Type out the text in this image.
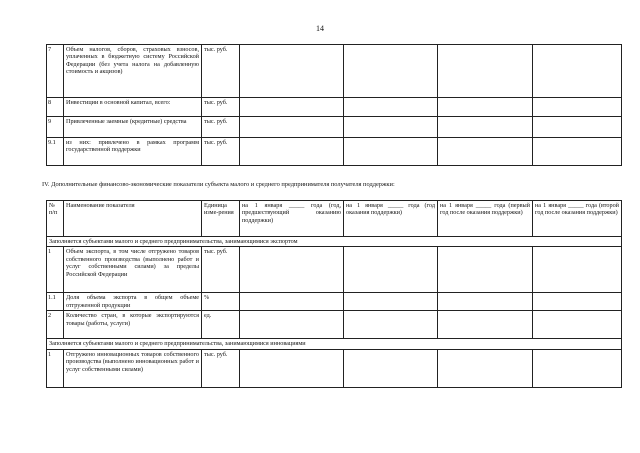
14
7	Объем налогов, сборов, страховых взносов, уплаченных в бюджетную систему Российской Федерации (без учета налога на добавленную стоимость и акцизов)	тыс. руб.				
8	Инвестиции в основной капитал, всего:	тыс. руб.				
9	Привлеченные заемные (кредитные) средства	тыс. руб.				
9.1	из них: привлечено в рамках программ государственной поддержки	тыс. руб.				
IV. Дополнительные финансово-экономические показатели субъекта малого и среднего предпринимателя получателя поддержки:
№ п/п	Наименование показателя	Единица изме-рения	на 1 января _____ года (год, предшествующий оказанию поддержки)	на 1 января _____ года (год оказания поддержки)	на 1 января _____ года (первый год после оказания поддержки)	на 1 января _____ года (второй год после оказания поддержки)
Заполняется субъектами малого и среднего предпринимательства, занимающимися экспортом						
1	Объем экспорта, в том числе отгружено товаров собственного производства (выполнено работ и услуг собственными силами) за пределы Российской Федерации	тыс. руб.				
1.1	Доля объема экспорта в общем объеме отгруженной продукции	%				
2	Количество стран, в которые экспортируются товары (работы, услуги)	ед.				
Заполняется субъектами малого и среднего предпринимательства, занимающимися инновациями						
1	Отгружено инновационных товаров собственного производства (выполнено инновационных работ и услуг собственными силами)	тыс. руб.				
